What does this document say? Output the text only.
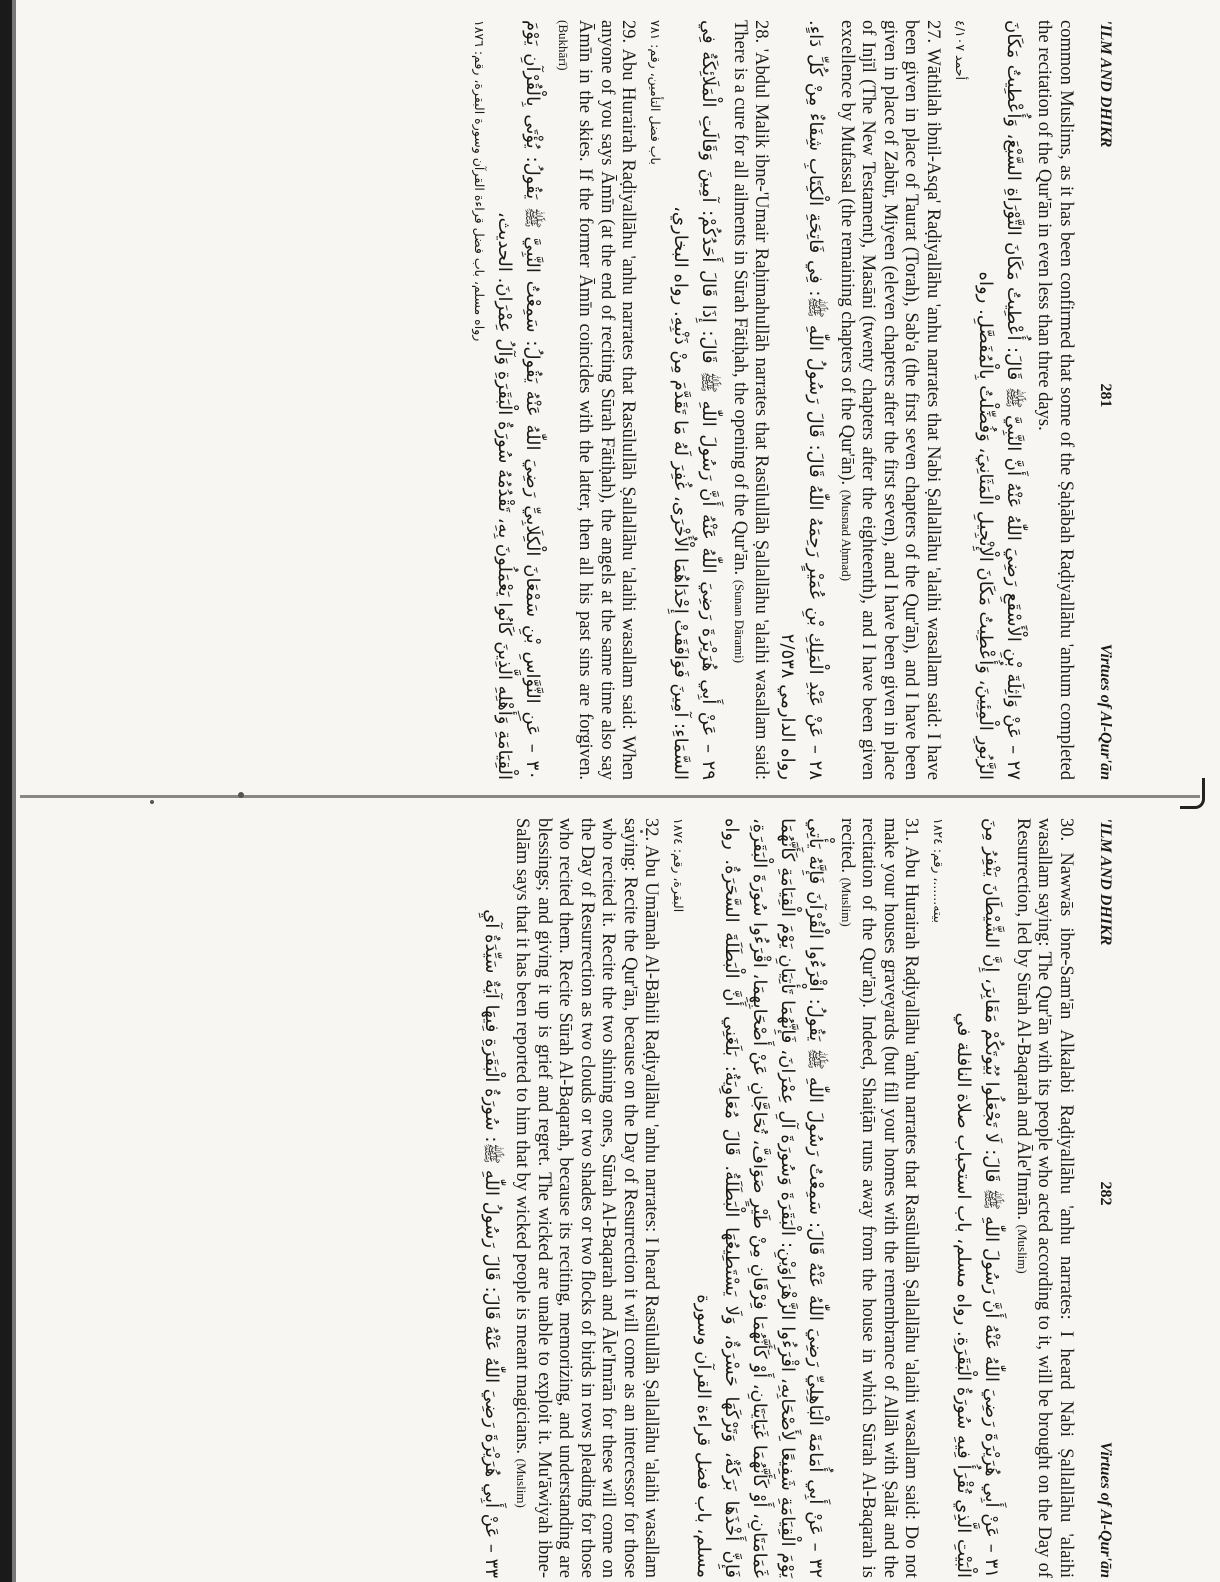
'ILM AND DHIKR
281
Virtues of Al-Qur'ān

common Muslims, as it has been confirmed that some of the Ṣaḥābah Raḍiyallāhu 'anhum completed the recitation of the Qur'ān in even less than three days.

٢٧ – عَنْ وَاثِلَةَ بْنِ الْأَسْقَعِ رَضِيَ اللّٰهُ عَنْهُ أَنَّ النَّبِيَّ ﷺ قَالَ: أُعْطِيتُ مَكَانَ التَّوْرَاةِ السَّبْعَ، وَأُعْطِيتُ مَكَانَ الزَّبُورِ الْمِئِينَ، وَأُعْطِيتُ مَكَانَ الْإِنْجِيلِ الْمَثَانِيَ، وَفُضِّلْتُ بِالْمُفَصَّلِ. رواه

أحمد ٤/١٠٧

27. Wāthilah ibnil-Asqa' Raḍiyallāhu 'anhu narrates that Nabi Ṣallallāhu 'alaihi wasallam said: I have been given in place of Taurat (Torah), Sab'a (the first seven chapters of the Qur'ān), and I have been given in place of Zabūr, Miyeen (eleven chapters after the first seven), and I have been given in place of Injīl (The New Testament), Masāni (twenty chapters after the eighteenth), and I have been given excellence by Mufassal (the remaining chapters of the Qur'ān). (Musnad Aḥmad)

٢٨ – عَنْ عَبْدِ الْمَلِكِ بْنِ عُمَيْرٍ رَحِمَهُ اللّٰهُ قَالَ: قَالَ رَسُولُ اللّٰهِ ﷺ: فِي فَاتِحَةِ الْكِتَابِ شِفَاءٌ مِنْ كُلِّ دَاءٍ. رواه الدارمي ٢/٥٣٨

28. 'Abdul Malik ibne-'Umair Raḥimahullāh narrates that Rasūlullāh Ṣallallāhu 'alaihi wasallam said: There is a cure for all ailments in Sūrah Fātiḥah, the opening of the Qur'ān. (Sunan Dārami)

٢٩ – عَنْ أَبِي هُرَيْرَةَ رَضِيَ اللّٰهُ عَنْهُ أَنَّ رَسُولَ اللّٰهِ ﷺ قَالَ: إِذَا قَالَ أَحَدُكُمْ: آمِينَ وَقَالَتِ الْمَلَائِكَةُ فِي السَّمَاءِ: آمِينَ فَوَافَقَتْ إِحْدَاهُمَا الْأُخْرَى، غُفِرَ لَهُ مَا تَقَدَّمَ مِنْ ذَنْبِهِ. رواه البخاري،

باب فضل التأمين، رقم: ٧٨١

29. Abu Hurairah Raḍiyallāhu 'anhu narrates that Rasūlullāh Ṣallallāhu 'alaihi wasallam said: When anyone of you says Āmīn (at the end of reciting Sūrah Fātiḥah), the angels at the same time also say Āmīn in the skies. If the former Āmīn coincides with the latter, then all his past sins are forgiven. (Bukhārī)

٣٠ – عَنِ النَّوَّاسِ بْنِ سَمْعَانَ الْكِلَابِيِّ رَضِيَ اللّٰهُ عَنْهُ يَقُولُ: سَمِعْتُ النَّبِيَّ ﷺ يَقُولُ: يُؤْتَى بِالْقُرْآنِ يَوْمَ الْقِيَامَةِ وَأَهْلِهِ الَّذِينَ كَانُوا يَعْمَلُونَ بِهِ، تَقْدُمُهُ سُورَةُ الْبَقَرَةِ وَآلُ عِمْرَانَ. الحديث،

رواه مسلم، باب فضل قراءة القرآن وسورة البقرة، رقم: ١٨٧٦

'ILM AND DHIKR
282
Virtues of Al-Qur'ān

30. Nawwās ibne-Sam'ān Alkalabi Raḍiyallāhu 'anhu narrates: I heard Nabi Ṣallallāhu 'alaihi wasallam saying: The Qur'ān with its people who acted according to it, will be brought on the Day of Resurrection, led by Sūrah Al-Baqarah and Āle'Imrān. (Muslim)

٣١ – عَنْ أَبِي هُرَيْرَةَ رَضِيَ اللّٰهُ عَنْهُ أَنَّ رَسُولَ اللّٰهِ ﷺ قَالَ: لَا تَجْعَلُوا بُيُوتَكُمْ مَقَابِرَ، إِنَّ الشَّيْطَانَ يَنْفِرُ مِنَ الْبَيْتِ الَّذِي تُقْرَأُ فِيهِ سُورَةُ الْبَقَرَةِ. رواه مسلم، باب استحباب صلاة النافلة في

بيته......، رقم: ١٨٢٤

31. Abu Hurairah Raḍiyallāhu 'anhu narrates that Rasūlullāh Ṣallallāhu 'alaihi wasallam said: Do not make your houses graveyards (but fill your homes with the remembrance of Allāh with Ṣalāt and the recitation of the Qur'ān). Indeed, Shaiṭān runs away from the house in which Sūrah Al-Baqarah is recited. (Muslim)

٣٢ – عَنْ أَبِي أُمَامَةَ الْبَاهِلِيِّ رَضِيَ اللّٰهُ عَنْهُ قَالَ: سَمِعْتُ رَسُولَ اللّٰهِ ﷺ يَقُولُ: اقْرَءُوا الْقُرْآنَ فَإِنَّهُ يَأْتِي يَوْمَ الْقِيَامَةِ شَفِيعًا لِأَصْحَابِهِ، اقْرَءُوا الزَّهْرَاوَيْنِ: الْبَقَرَةَ وَسُورَةَ آلِ عِمْرَانَ، فَإِنَّهُمَا تَأْتِيَانِ يَوْمَ الْقِيَامَةِ كَأَنَّهُمَا غَمَامَتَانِ، أَوْ كَأَنَّهُمَا غَيَايَتَانِ، أَوْ كَأَنَّهُمَا فِرْقَانِ مِنْ طَيْرٍ صَوَافَّ، تُحَاجَّانِ عَنْ أَصْحَابِهِمَا، اقْرَءُوا سُورَةَ الْبَقَرَةِ، فَإِنَّ أَخْذَهَا بَرَكَةٌ، وَتَرْكَهَا حَسْرَةٌ، وَلَا يَسْتَطِيعُهَا الْبَطَلَةُ. قَالَ مُعَاوِيَةُ: بَلَغَنِي أَنَّ الْبَطَلَةَ السَّحَرَةُ. رواه مسلم، باب فضل قراءة القرآن وسورة

البقرة، رقم: ١٨٧٤

32. Abu Umāmah Al-Bāhili Raḍiyallāhu 'anhu narrates: I heard Rasūlullāh Ṣallallāhu 'alaihi wasallam saying: Recite the Qur'ān, because on the Day of Resurrection it will come as an intercessor for those who recited it. Recite the two shining ones, Sūrah Al-Baqarah and Āle'Imrān for these will come on the Day of Resurrection as two clouds or two shades or two flocks of birds in rows pleading for those who recited them. Recite Sūrah Al-Baqarah, because its reciting, memorizing, and understanding are blessings; and giving it up is grief and regret. The wicked are unable to exploit it. Mu'āwiyah ibne-Salām says that it has been reported to him that by wicked people is meant magicians. (Muslim)

٣٣ – عَنْ أَبِي هُرَيْرَةَ رَضِيَ اللّٰهُ عَنْهُ قَالَ: قَالَ رَسُولُ اللّٰهِ ﷺ: سُورَةُ الْبَقَرَةِ فِيهَا آيَةٌ سَيِّدَةُ آيِ
